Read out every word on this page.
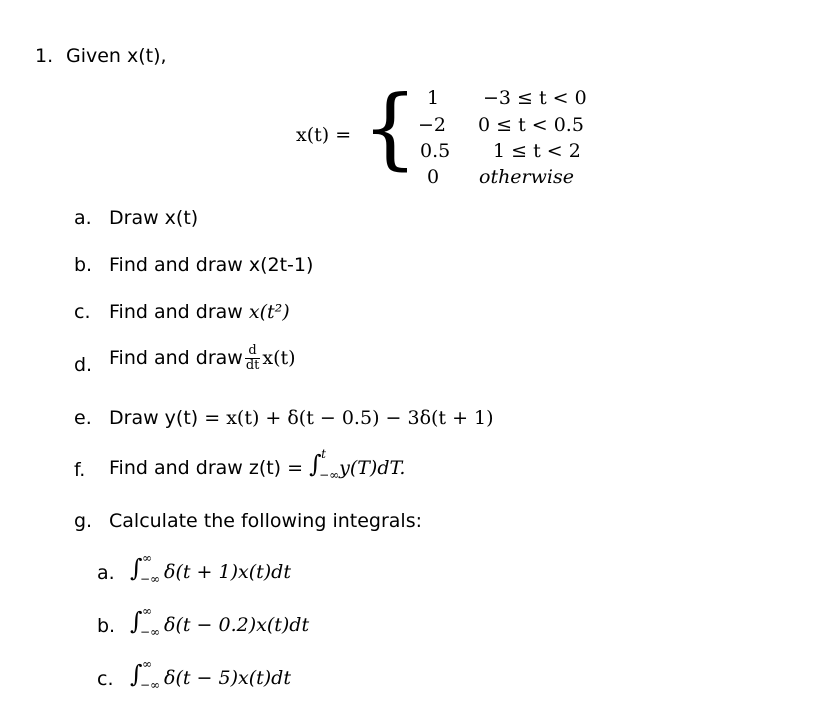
1. Given x(t),
x(t) = { 1
−2
0.5
0
−3 ≤ t < 0
0 ≤ t < 0.5
1 ≤ t < 2
otherwise
a.
b.
c.
d.
e.
f.
g.
Draw x(t)
Find and draw x(2t-1)
Find and draw x(t²)
Find and draw $\frac{d}{dt} x(t)$
Draw y(t) = x(t) + δ(t − 0.5) − 3δ(t + 1)
Find and draw z(t) = ∫ t
−∞ y(T)dT.
Calculate the following integrals:
a. ∫ ∞
−∞ δ(t + 1)x(t)dt
b. ∫ ∞
−∞ δ(t − 0.2)x(t)dt
c. ∫ ∞
−∞ δ(t − 5)x(t)dt
